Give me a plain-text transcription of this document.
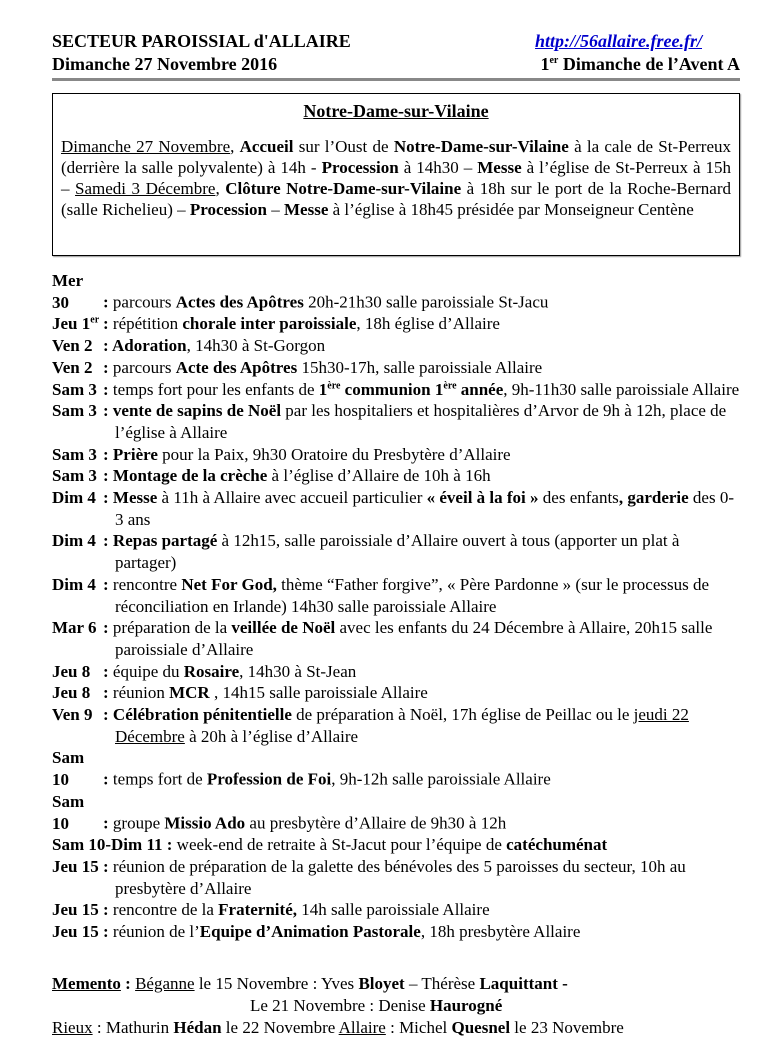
SECTEUR PAROISSIAL d'ALLAIRE	http://56allaire.free.fr/
Dimanche 27 Novembre 2016	1er Dimanche de l’Avent A
Notre-Dame-sur-Vilaine

Dimanche 27 Novembre, Accueil sur l’Oust de Notre-Dame-sur-Vilaine à la cale de St-Perreux (derrière la salle polyvalente) à 14h - Procession à 14h30 – Messe à l’église de St-Perreux à 15h – Samedi 3 Décembre, Clôture Notre-Dame-sur-Vilaine à 18h sur le port de la Roche-Bernard (salle Richelieu) – Procession – Messe à l’église à 18h45 présidée par Monseigneur Centène

Mer 30 : parcours Actes des Apôtres 20h-21h30 salle paroissiale St-Jacu
Jeu 1er : répétition chorale inter paroissiale, 18h église d’Allaire
Ven 2 : Adoration, 14h30 à St-Gorgon
Ven 2 : parcours Acte des Apôtres 15h30-17h, salle paroissiale Allaire
Sam 3 : temps fort pour les enfants de 1ère communion 1ère année, 9h-11h30 salle paroissiale Allaire
Sam 3 : vente de sapins de Noël par les hospitaliers et hospitalières d’Arvor de 9h à 12h, place de l’église à Allaire
Sam 3 : Prière pour la Paix, 9h30 Oratoire du Presbytère d’Allaire
Sam 3 : Montage de la crèche à l’église d’Allaire de 10h à 16h
Dim 4 : Messe à 11h à Allaire avec accueil particulier « éveil à la foi » des enfants, garderie des 0-3 ans
Dim 4 : Repas partagé à 12h15, salle paroissiale d’Allaire ouvert à tous (apporter un plat à partager)
Dim 4 : rencontre Net For God, thème “Father forgive”, « Père Pardonne » (sur le processus de réconciliation en Irlande) 14h30 salle paroissiale Allaire
Mar 6 : préparation de la veillée de Noël avec les enfants du 24 Décembre à Allaire, 20h15 salle paroissiale d’Allaire
Jeu 8 : équipe du Rosaire, 14h30 à St-Jean
Jeu 8 : réunion MCR , 14h15 salle paroissiale Allaire
Ven 9 : Célébration pénitentielle de préparation à Noël, 17h église de Peillac ou le jeudi 22 Décembre à 20h à l’église d’Allaire
Sam 10 : temps fort de Profession de Foi, 9h-12h salle paroissiale Allaire
Sam 10 : groupe Missio Ado au presbytère d’Allaire de 9h30 à 12h
Sam 10-Dim 11 : week-end de retraite à St-Jacut pour l’équipe de catéchuménat
Jeu 15 : réunion de préparation de la galette des bénévoles des 5 paroisses du secteur, 10h au presbytère d’Allaire
Jeu 15 : rencontre de la Fraternité, 14h salle paroissiale Allaire
Jeu 15 : réunion de l’Equipe d’Animation Pastorale, 18h presbytère Allaire
Memento : Béganne le 15 Novembre : Yves Bloyet – Thérèse Laquittant -
Le 21 Novembre : Denise Haurogné
Rieux : Mathurin Hédan le 22 Novembre Allaire : Michel Quesnel le 23 Novembre
